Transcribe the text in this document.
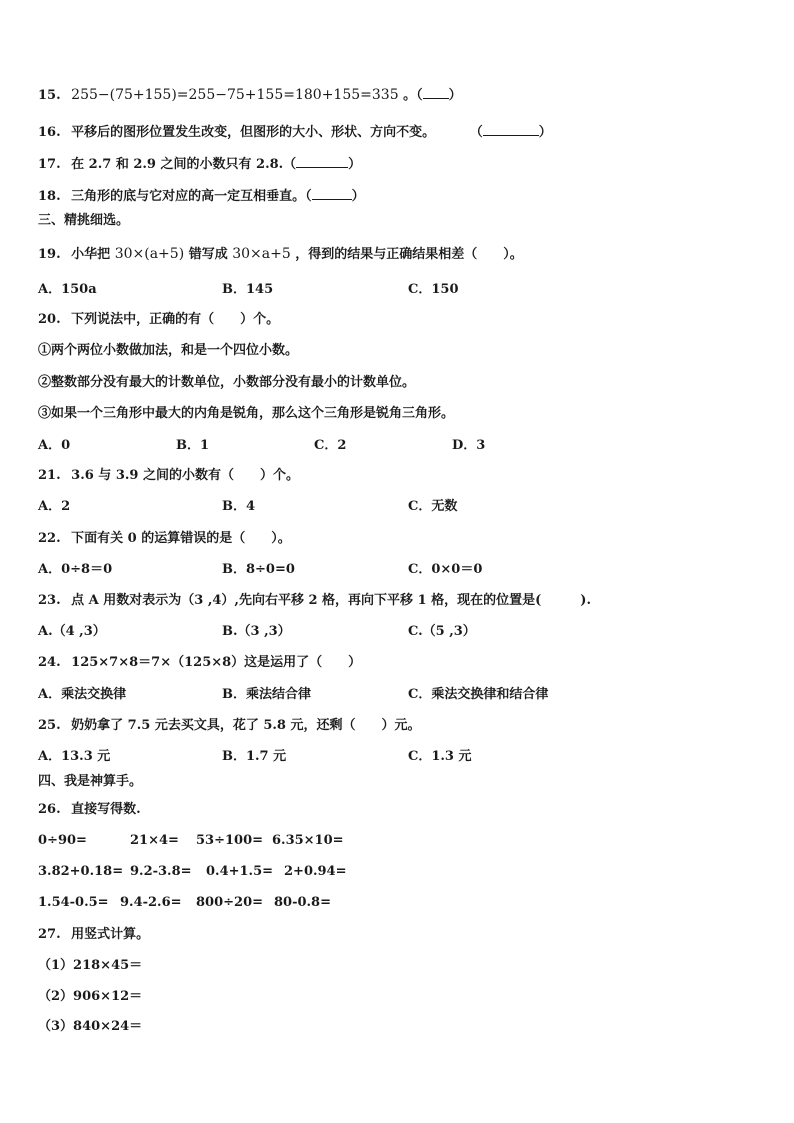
15. 255−(75+155)=255−75+155=180+155=335 。（ ）
16. 平移后的图形位置发生改变，但图形的大小、形状、方向不变。	（	）
17. 在 2.7 和 2.9 之间的小数只有 2.8.（	）
18. 三角形的底与它对应的高一定互相垂直。（	）
三、精挑细选。
19. 小华把 30×(a+5) 错写成 30×a+5 ，得到的结果与正确结果相差（　　）。
A．150a	B．145	C．150
20. 下列说法中，正确的有（　　）个。
①两个两位小数做加法，和是一个四位小数。
②整数部分没有最大的计数单位，小数部分没有最小的计数单位。
③如果一个三角形中最大的内角是锐角，那么这个三角形是锐角三角形。
A．0	B．1	C．2	D．3
21. 3.6 与 3.9 之间的小数有（　　）个。
A．2	B．4	C．无数
22. 下面有关 0 的运算错误的是（　　）。
A．0÷8＝0	B．8÷0=0	C．0×0＝0
23. 点 A 用数对表示为（3 ,4）,先向右平移 2 格，再向下平移 1 格，现在的位置是(　　　).
A.（4 ,3）	B.（3 ,3）	C.（5 ,3）
24. 125×7×8＝7×（125×8）这是运用了（　　）
A．乘法交换律	B．乘法结合律	C．乘法交换律和结合律
25. 奶奶拿了 7.5 元去买文具，花了 5.8 元，还剩（　　）元。
A．13.3 元	B．1.7 元	C．1.3 元
四、我是神算手。
26. 直接写得数.
0÷90=	21×4= 53÷100= 6.35×10=
3.82+0.18= 9.2-3.8= 0.4+1.5= 2+0.94=
1.54-0.5= 9.4-2.6= 800÷20= 80-0.8=
27. 用竖式计算。
（1）218×45＝
（2）906×12＝
（3）840×24＝
